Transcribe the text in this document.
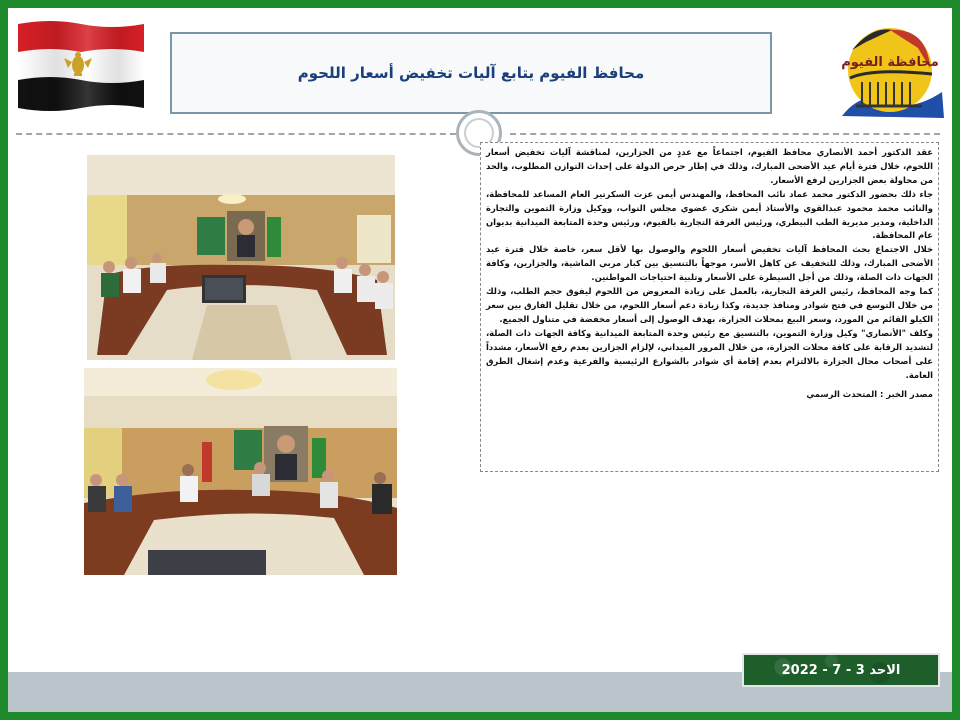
محافظ الفيوم يتابع آليات تخفيض أسعار اللحوم
محافظة الفيوم

عقد الدكتور أحمد الأنصاري محافظ الفيوم، اجتماعاً مع عددٍ من الجزارين، لمناقشة آليات تخفيض أسعار اللحوم، خلال فترة أيام عيد الأضحى المبارك، وذلك في إطار حرص الدولة على إحداث التوازن المطلوب، والحد من محاولة بعض الجزارين لرفع الأسعار.

جاء ذلك بحضور الدكتور محمد عماد نائب المحافظ، والمهندس أيمن عزت السكرتير العام المساعد للمحافظة، والنائب محمد محمود عبدالقوي والأستاذ أيمن شكري عضوي مجلس النواب، ووكيل وزارة التموين والتجارة الداخلية، ومدير مديرية الطب البيطري، ورئيس الغرفة التجارية بالفيوم، ورئيس وحدة المتابعة الميدانية بديوان عام المحافظة.

خلال الاجتماع بحث المحافظ آليات تخفيض أسعار اللحوم والوصول بها لأقل سعر، خاصة خلال فترة عيد الأضحى المبارك، وذلك للتخفيف عن كاهل الأسر، موجهاً بالتنسيق بين كبار مربي الماشية، والجزارين، وكافة الجهات ذات الصلة، وذلك من أجل السيطرة على الأسعار وتلبية احتياجات المواطنين.

كما وجه المحافظ، رئيس الغرفة التجارية، بالعمل على زيادة المعروض من اللحوم ليفوق حجم الطلب، وذلك من خلال التوسع في فتح شوادر ومنافذ جديدة، وكذا زيادة دعم أسعار اللحوم، من خلال تقليل الفارق بين سعر الكيلو القائم من المورد، وسعر البيع بمحلات الجزارة، بهدف الوصول إلى أسعار مخفضة في متناول الجميع.

وكلف "الأنصاري" وكيل وزارة التموين، بالتنسيق مع رئيس وحدة المتابعة الميدانية وكافة الجهات ذات الصلة، لتشديد الرقابة على كافة محلات الجزارة، من خلال المرور الميداني، لإلزام الجزارين بعدم رفع الأسعار، مشدداً على أصحاب محال الجزارة بالالتزام بعدم إقامة أي شوادر بالشوارع الرئيسية والفرعية وعدم إشغال الطرق العامة.

مصدر الخبر : المتحدث الرسمي

الاحد 3 - 7 - 2022
